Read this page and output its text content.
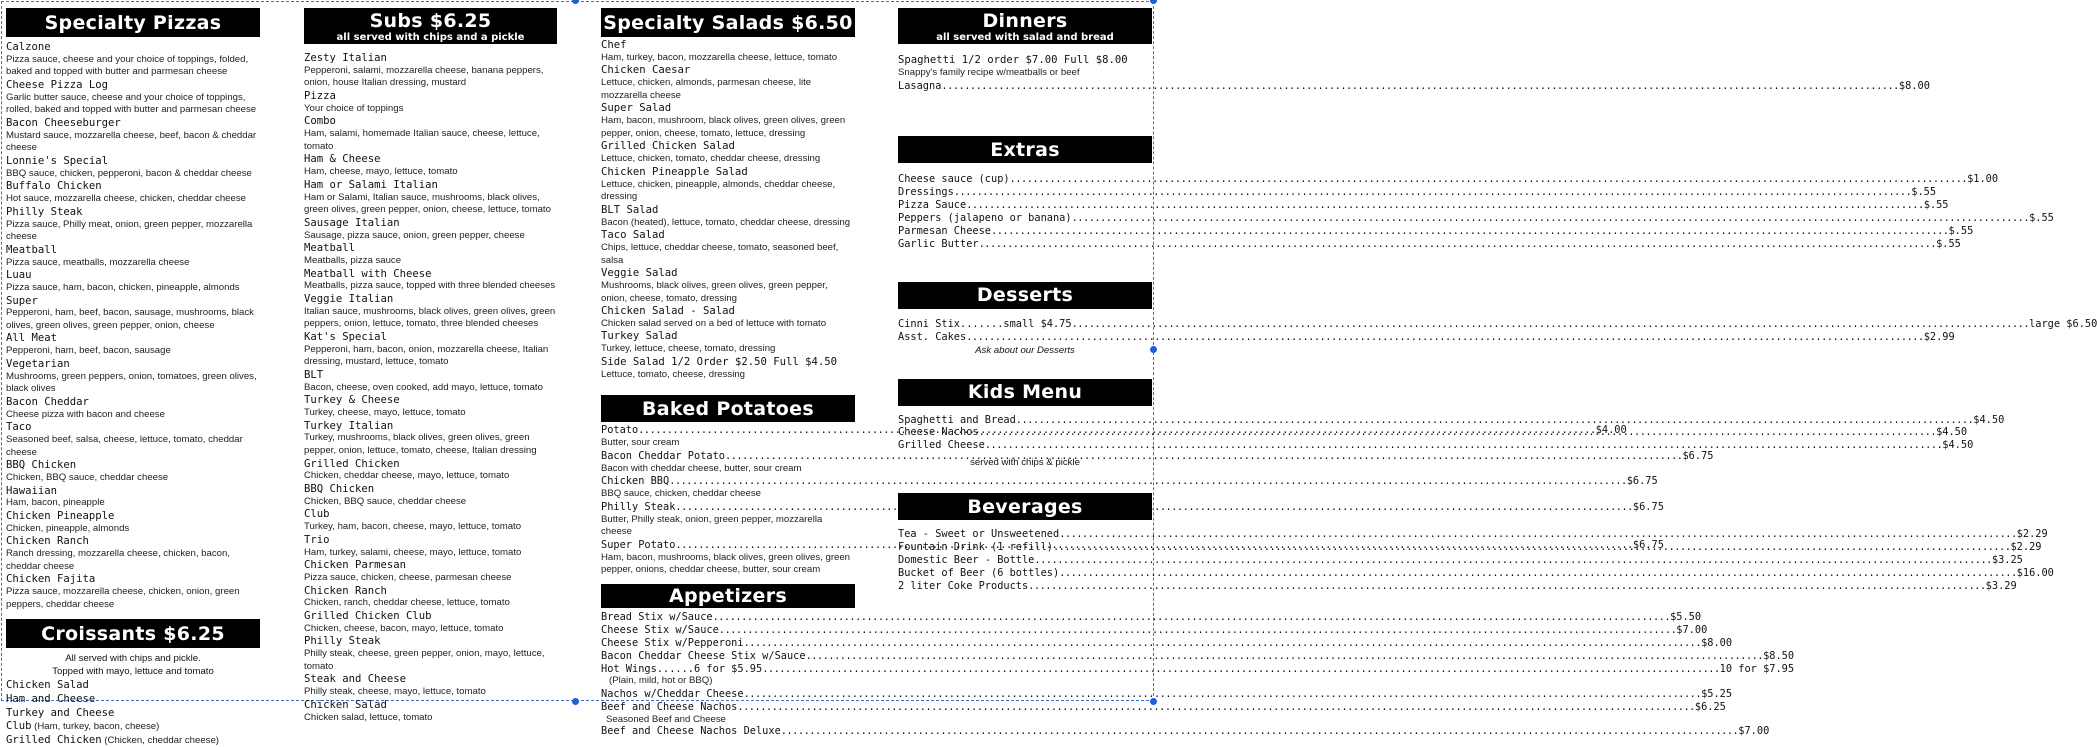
Specialty Pizzas
Calzone
Pizza sauce, cheese and your choice of toppings, folded, baked and topped with butter and parmesan cheese
Cheese Pizza Log
Garlic butter sauce, cheese and your choice of toppings, rolled, baked and topped with butter and parmesan cheese
Bacon Cheeseburger
Mustard sauce, mozzarella cheese, beef, bacon & cheddar cheese
Lonnie's Special
BBQ sauce, chicken, pepperoni, bacon & cheddar cheese
Buffalo Chicken
Hot sauce, mozzarella cheese, chicken, cheddar cheese
Philly Steak
Pizza sauce, Philly meat, onion, green pepper, mozzarella cheese
Meatball
Pizza sauce, meatballs, mozzarella cheese
Luau
Pizza sauce, ham, bacon, chicken, pineapple, almonds
Super
Pepperoni, ham, beef, bacon, sausage, mushrooms, black olives, green olives, green pepper, onion, cheese
All Meat
Pepperoni, ham, beef, bacon, sausage
Vegetarian
Mushrooms, green peppers, onion, tomatoes, green olives, black olives
Bacon Cheddar
Cheese pizza with bacon and cheese
Taco
Seasoned beef, salsa, cheese, lettuce, tomato, cheddar cheese
BBQ Chicken
Chicken, BBQ sauce, cheddar cheese
Hawaiian
Ham, bacon, pineapple
Chicken Pineapple
Chicken, pineapple, almonds
Chicken Ranch
Ranch dressing, mozzarella cheese, chicken, bacon, cheddar cheese
Chicken Fajita
Pizza sauce, mozzarella cheese, chicken, onion, green peppers, cheddar cheese
Croissants $6.25
All served with chips and pickle.
Topped with mayo, lettuce and tomato
Chicken Salad
Ham and Cheese
Turkey and Cheese
Club (Ham, turkey, bacon, cheese)
Grilled Chicken (Chicken, cheddar cheese)
Subs $6.25
all served with chips and a pickle
Zesty Italian
Pepperoni, salami, mozzarella cheese, banana peppers, onion, house Italian dressing, mustard
Pizza
Your choice of toppings
Combo
Ham, salami, homemade Italian sauce, cheese, lettuce, tomato
Ham & Cheese
Ham, cheese, mayo, lettuce, tomato
Ham or Salami Italian
Ham or Salami, Italian sauce, mushrooms, black olives, green olives, green pepper, onion, cheese, lettuce, tomato
Sausage Italian
Sausage, pizza sauce, onion, green pepper, cheese
Meatball
Meatballs, pizza sauce
Meatball with Cheese
Meatballs, pizza sauce, topped with three blended cheeses
Veggie Italian
Italian sauce, mushrooms, black olives, green olives, green peppers, onion, lettuce, tomato, three blended cheeses
Kat's Special
Pepperoni, ham, bacon, onion, mozzarella cheese, Italian dressing, mustard, lettuce, tomato
BLT
Bacon, cheese, oven cooked, add mayo, lettuce, tomato
Turkey & Cheese
Turkey, cheese, mayo, lettuce, tomato
Turkey Italian
Turkey, mushrooms, black olives, green olives, green pepper, onion, lettuce, tomato, cheese, Italian dressing
Grilled Chicken
Chicken, cheddar cheese, mayo, lettuce, tomato
BBQ Chicken
Chicken, BBQ sauce, cheddar cheese
Club
Turkey, ham, bacon, cheese, mayo, lettuce, tomato
Trio
Ham, turkey, salami, cheese, mayo, lettuce, tomato
Chicken Parmesan
Pizza sauce, chicken, cheese, parmesan cheese
Chicken Ranch
Chicken, ranch, cheddar cheese, lettuce, tomato
Grilled Chicken Club
Chicken, cheese, bacon, mayo, lettuce, tomato
Philly Steak
Philly steak, cheese, green pepper, onion, mayo, lettuce, tomato
Steak and Cheese
Philly steak, cheese, mayo, lettuce, tomato
Chicken Salad
Chicken salad, lettuce, tomato
Specialty Salads $6.50
Chef
Ham, turkey, bacon, mozzarella cheese, lettuce, tomato
Chicken Caesar
Lettuce, chicken, almonds, parmesan cheese, lite mozzarella cheese
Super Salad
Ham, bacon, mushroom, black olives, green olives, green pepper, onion, cheese, tomato, lettuce, dressing
Grilled Chicken Salad
Lettuce, chicken, tomato, cheddar cheese, dressing
Chicken Pineapple Salad
Lettuce, chicken, pineapple, almonds, cheddar cheese, dressing
BLT Salad
Bacon (heated), lettuce, tomato, cheddar cheese, dressing
Taco Salad
Chips, lettuce, cheddar cheese, tomato, seasoned beef, salsa
Veggie Salad
Mushrooms, black olives, green olives, green pepper, onion, cheese, tomato, dressing
Chicken Salad - Salad
Chicken salad served on a bed of lettuce with tomato
Turkey Salad
Turkey, lettuce, cheese, tomato, dressing
Side Salad 1/2 Order $2.50 Full $4.50
Lettuce, tomato, cheese, dressing
Baked Potatoes
Potato .....	$4.00
Butter, sour cream
Bacon Cheddar Potato .....	$6.75
Bacon with cheddar cheese, butter, sour cream
Chicken BBQ .....	$6.75
BBQ sauce, chicken, cheddar cheese
Philly Steak .....	$6.75
Butter, Philly steak, onion, green pepper, mozzarella cheese
Super Potato .....	$6.75
Ham, bacon, mushrooms, black olives, green olives, green pepper, onions, cheddar cheese, butter, sour cream
Appetizers
Bread Stix w/Sauce .....	$5.50
Cheese Stix w/Sauce .....	$7.00
Cheese Stix w/Pepperoni .....	$8.00
Bacon Cheddar Cheese Stix w/Sauce .....	$8.50
Hot Wings......6 for $5.95 .....	10 for $7.95
(Plain, mild, hot or BBQ)
Nachos w/Cheddar Cheese .....	$5.25
Beef and Cheese Nachos .....	$6.25
Seasoned Beef and Cheese
Beef and Cheese Nachos Deluxe .....	$7.00
Dinners
all served with salad and bread
Spaghetti 1/2 order $7.00 Full $8.00
Snappy's family recipe w/meatballs or beef
Lasagna .....	$8.00
Extras
Cheese sauce (cup) .....	$1.00
Dressings .....	$.55
Pizza Sauce .....	$.55
Peppers (jalapeno or banana) .....	$.55
Parmesan Cheese .....	$.55
Garlic Butter .....	$.55
Desserts
Cinni Stix.......small $4.75 .....	large $6.50
Asst. Cakes .....	$2.99
Ask about our Desserts
Kids Menu
Spaghetti and Bread .....	$4.50
Cheese Nachos .....	$4.50
Grilled Cheese .....	$4.50
served with chips & pickle
Beverages
Tea - Sweet or Unsweetened .....	$2.29
Fountain Drink (1 refill) .....	$2.29
Domestic Beer - Bottle .....	$3.25
Bucket of Beer (6 bottles) .....	$16.00
2 liter Coke Products .....	$3.29
